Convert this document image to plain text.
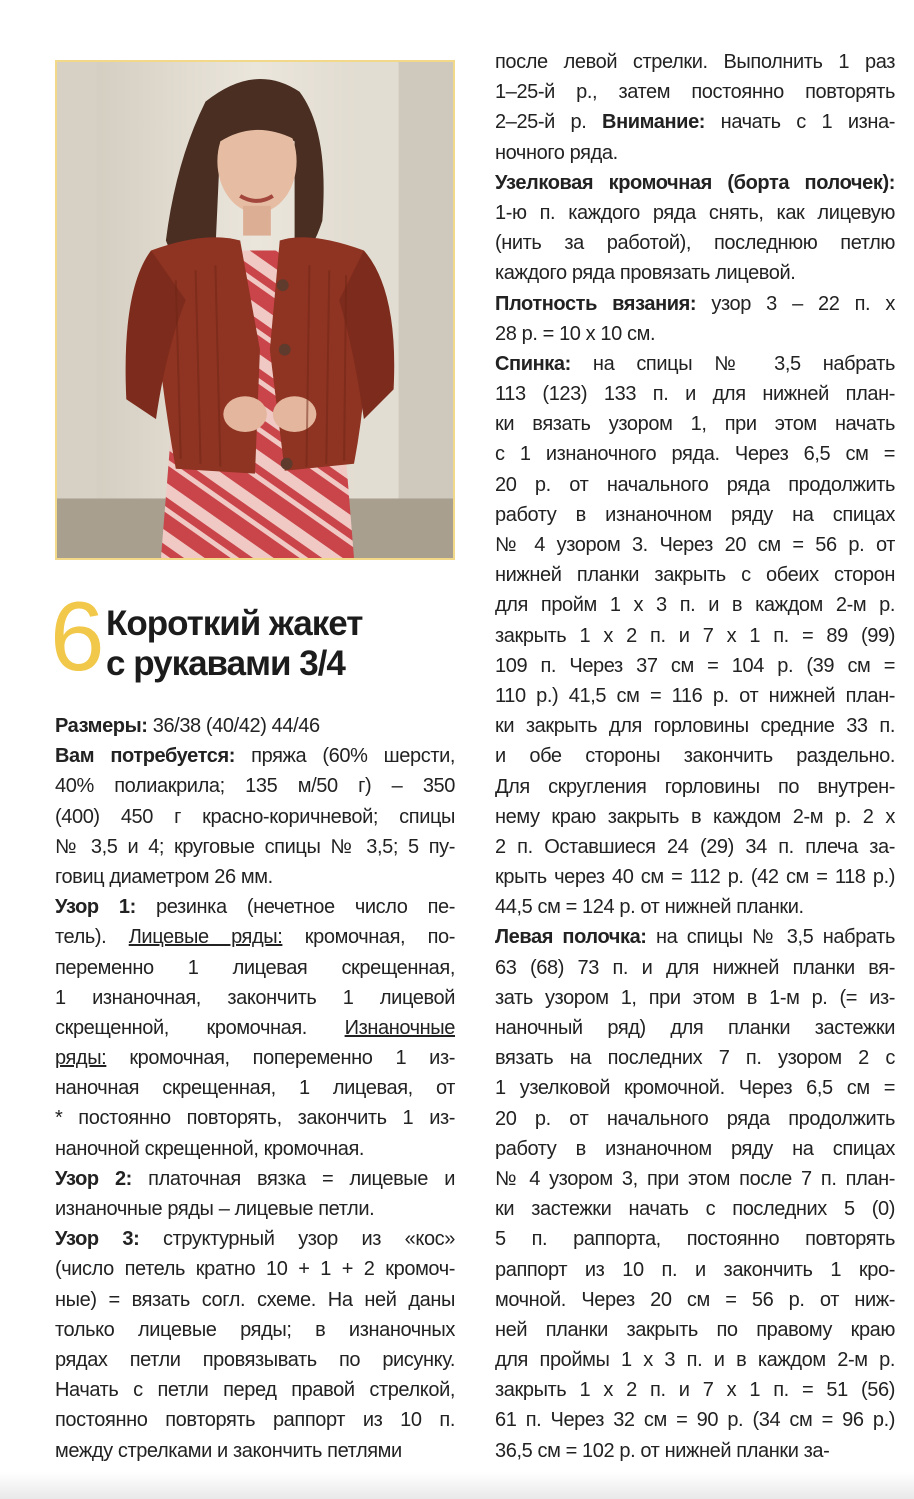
6 Короткий жакет
с рукавами 3/4
Размеры: 36/38 (40/42) 44/46
Вам потребуется: пряжа (60% шерсти,
40% полиакрила; 135 м/50 г) – 350
(400) 450 г красно-коричневой; спицы
№ 3,5 и 4; круговые спицы № 3,5; 5 пу-
говиц диаметром 26 мм.
Узор 1: резинка (нечетное число пе-
тель). Лицевые ряды: кромочная, по-
переменно 1 лицевая скрещенная,
1 изнаночная, закончить 1 лицевой
скрещенной, кромочная. Изнаночные
ряды: кромочная, попеременно 1 из-
наночная скрещенная, 1 лицевая, от
* постоянно повторять, закончить 1 из-
наночной скрещенной, кромочная.
Узор 2: платочная вязка = лицевые и
изнаночные ряды – лицевые петли.
Узор 3: структурный узор из «кос»
(число петель кратно 10 + 1 + 2 кромоч-
ные) = вязать согл. схеме. На ней даны
только лицевые ряды; в изнаночных
рядах петли провязывать по рисунку.
Начать с петли перед правой стрелкой,
постоянно повторять раппорт из 10 п.
между стрелками и закончить петлями
после левой стрелки. Выполнить 1 раз
1–25-й р., затем постоянно повторять
2–25-й р. Внимание: начать с 1 изна-
ночного ряда.
Узелковая кромочная (борта полочек):
1-ю п. каждого ряда снять, как лицевую
(нить за работой), последнюю петлю
каждого ряда провязать лицевой.
Плотность вязания: узор 3 – 22 п. х
28 р. = 10 х 10 см.
Спинка: на спицы № 3,5 набрать
113 (123) 133 п. и для нижней план-
ки вязать узором 1, при этом начать
с 1 изнаночного ряда. Через 6,5 см =
20 р. от начального ряда продолжить
работу в изнаночном ряду на спицах
№ 4 узором 3. Через 20 см = 56 р. от
нижней планки закрыть с обеих сторон
для пройм 1 х 3 п. и в каждом 2-м р.
закрыть 1 х 2 п. и 7 х 1 п. = 89 (99)
109 п. Через 37 см = 104 р. (39 см =
110 р.) 41,5 см = 116 р. от нижней план-
ки закрыть для горловины средние 33 п.
и обе стороны закончить раздельно.
Для скругления горловины по внутрен-
нему краю закрыть в каждом 2-м р. 2 х
2 п. Оставшиеся 24 (29) 34 п. плеча за-
крыть через 40 см = 112 р. (42 см = 118 р.)
44,5 см = 124 р. от нижней планки.
Левая полочка: на спицы № 3,5 набрать
63 (68) 73 п. и для нижней планки вя-
зать узором 1, при этом в 1-м р. (= из-
наночный ряд) для планки застежки
вязать на последних 7 п. узором 2 с
1 узелковой кромочной. Через 6,5 см =
20 р. от начального ряда продолжить
работу в изнаночном ряду на спицах
№ 4 узором 3, при этом после 7 п. план-
ки застежки начать с последних 5 (0)
5 п. раппорта, постоянно повторять
раппорт из 10 п. и закончить 1 кро-
мочной. Через 20 см = 56 р. от ниж-
ней планки закрыть по правому краю
для проймы 1 х 3 п. и в каждом 2-м р.
закрыть 1 х 2 п. и 7 х 1 п. = 51 (56)
61 п. Через 32 см = 90 р. (34 см = 96 р.)
36,5 см = 102 р. от нижней планки за-
